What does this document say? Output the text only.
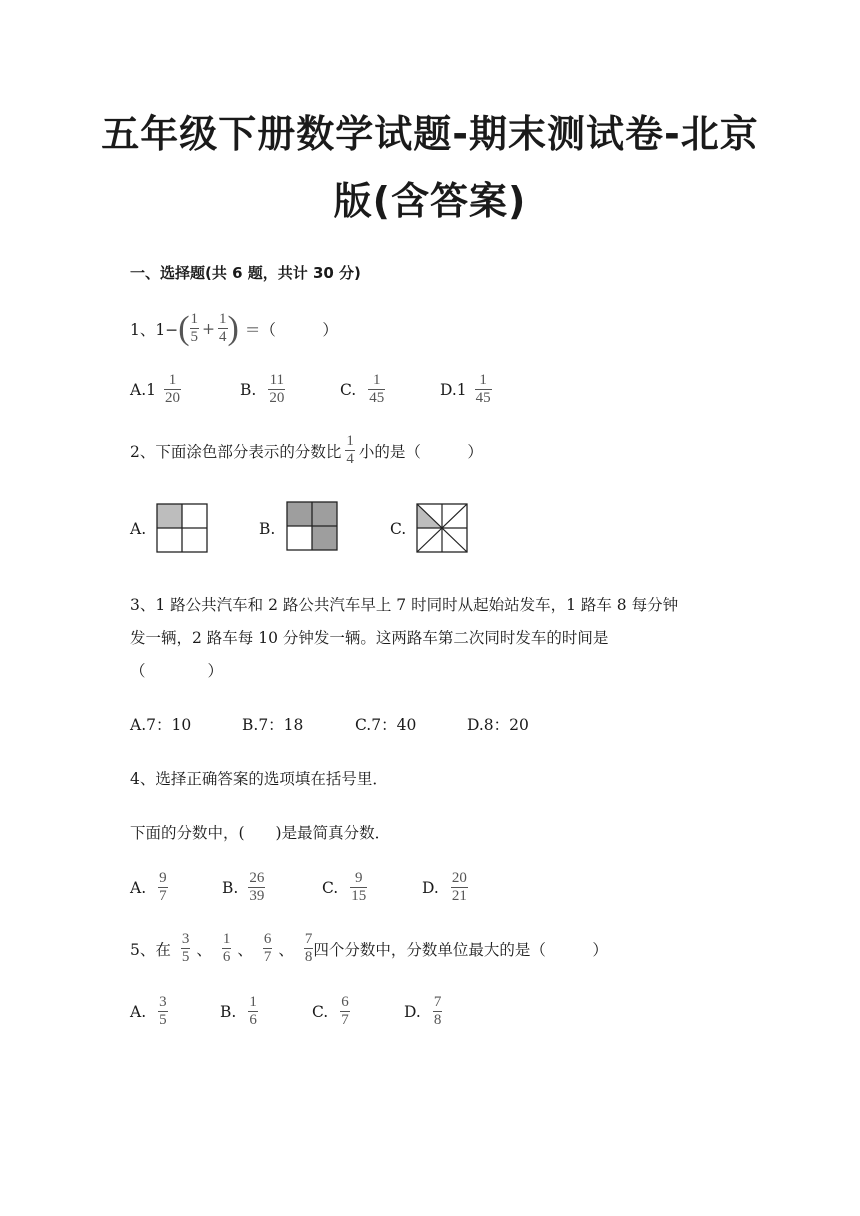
五年级下册数学试题-期末测试卷-北京
版(含答案)
一、选择题(共 6 题，共计 30 分)
1、1− ( $\frac{1}{5} + \frac{1}{4}$ ) ＝（　　　）
$A.1 \frac{1}{20}$	B. $\frac{11}{20}$	C. $\frac{1}{45}$	$D.1 \frac{1}{45}$
2、下面涂色部分表示的分数比 $\frac{1}{4}$ 小的是（　　　）
A.	B.	C.
3、1 路公共汽车和 2 路公共汽车早上 7 时同时从起始站发车，1 路车 8 每分钟
发一辆，2 路车每 10 分钟发一辆。这两路车第二次同时发车的时间是
（　　　　）
A.7：10	B.7：18	C.7：40	D.8：20
4、选择正确答案的选项填在括号里．
下面的分数中，(　　)是最简真分数．
A. $\frac{9}{7}$	B. $\frac{26}{39}$	C. $\frac{9}{15}$	D. $\frac{20}{21}$
5、在 $\frac{3}{5}$ 、 $\frac{1}{6}$ 、 $\frac{6}{7}$ 、 $\frac{7}{8}$ 四个分数中，分数单位最大的是（　　　）
A. $\frac{3}{5}$	B. $\frac{1}{6}$	C. $\frac{6}{7}$	D. $\frac{7}{8}$
